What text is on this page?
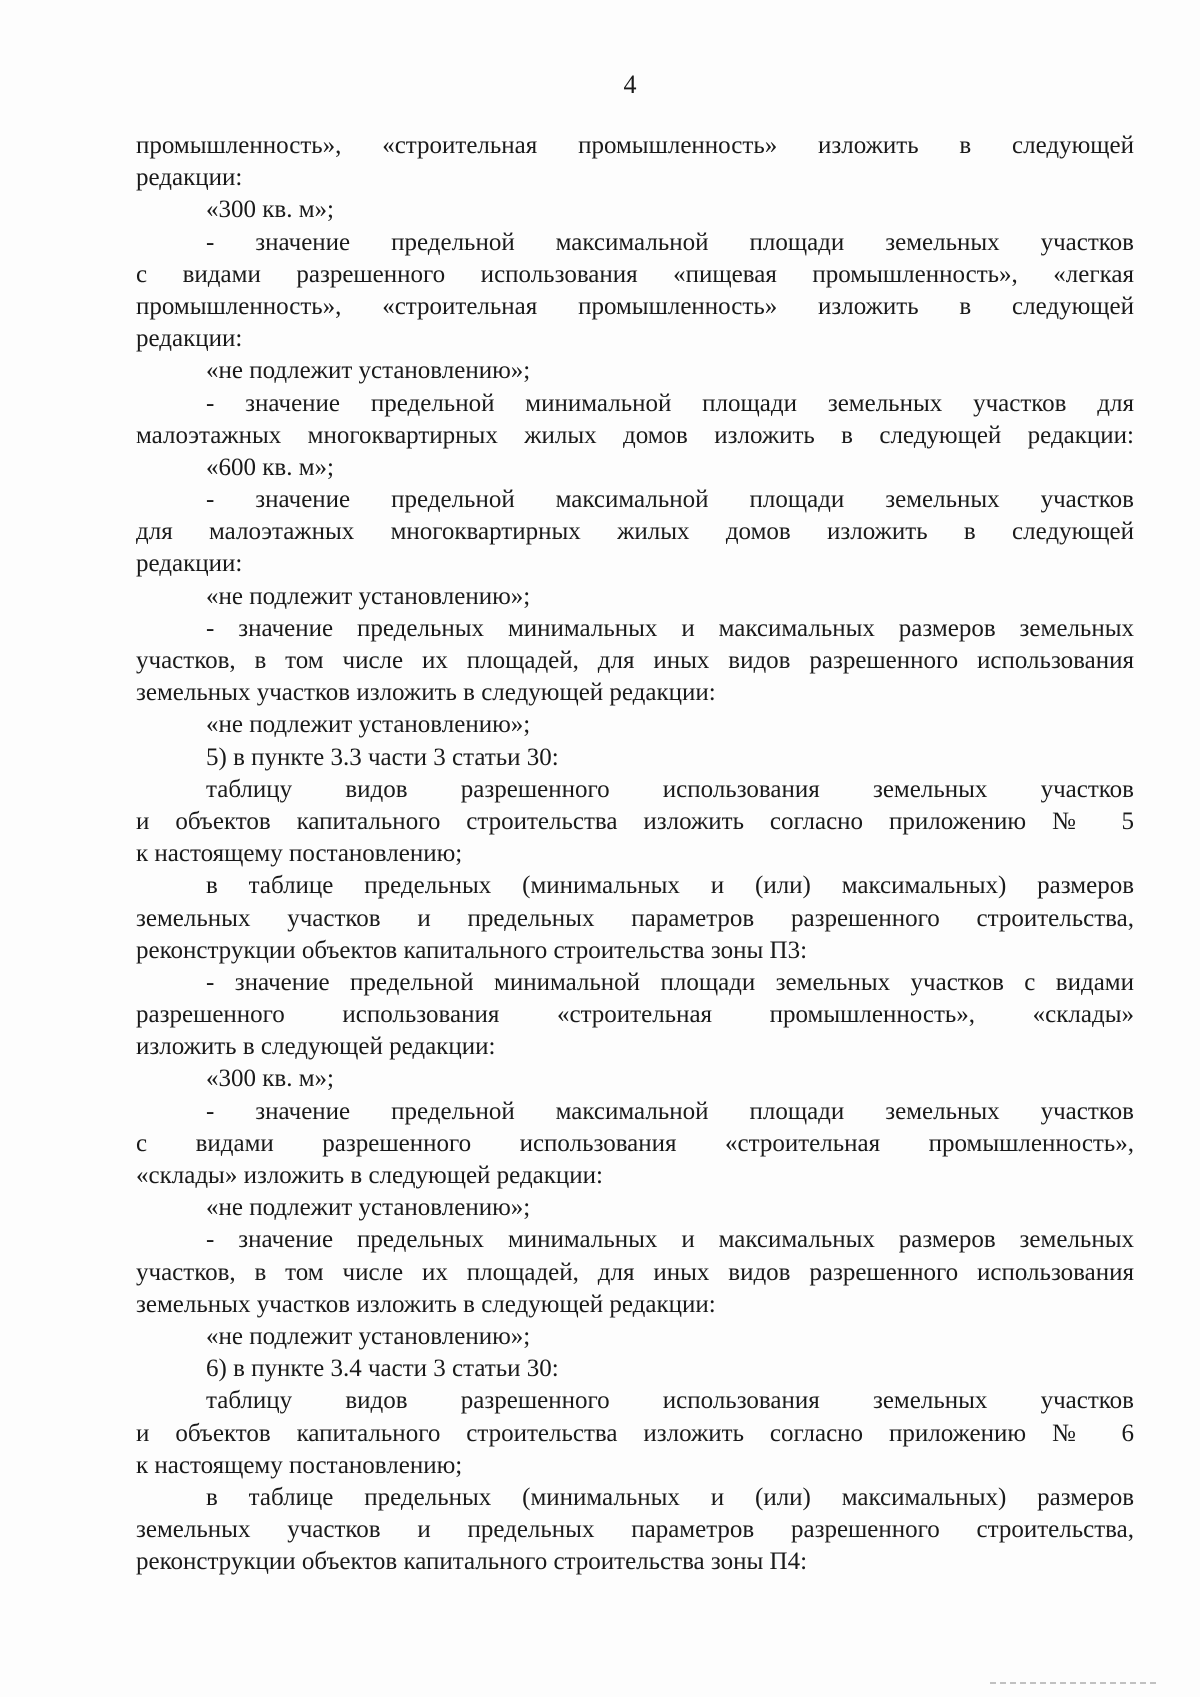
4
промышленность», «строительная промышленность» изложить в следующей
редакции:
«300 кв. м»;
- значение предельной максимальной площади земельных участков
с видами разрешенного использования «пищевая промышленность», «легкая
промышленность», «строительная промышленность» изложить в следующей
редакции:
«не подлежит установлению»;
- значение предельной минимальной площади земельных участков для
малоэтажных многоквартирных жилых домов изложить в следующей редакции:
«600 кв. м»;
- значение предельной максимальной площади земельных участков
для малоэтажных многоквартирных жилых домов изложить в следующей
редакции:
«не подлежит установлению»;
- значение предельных минимальных и максимальных размеров земельных
участков, в том числе их площадей, для иных видов разрешенного использования
земельных участков изложить в следующей редакции:
«не подлежит установлению»;
5) в пункте 3.3 части 3 статьи 30:
таблицу видов разрешенного использования земельных участков
и объектов капитального строительства изложить согласно приложению № 5
к настоящему постановлению;
в таблице предельных (минимальных и (или) максимальных) размеров
земельных участков и предельных параметров разрешенного строительства,
реконструкции объектов капитального строительства зоны П3:
- значение предельной минимальной площади земельных участков с видами
разрешенного использования «строительная промышленность», «склады»
изложить в следующей редакции:
«300 кв. м»;
- значение предельной максимальной площади земельных участков
с видами разрешенного использования «строительная промышленность»,
«склады» изложить в следующей редакции:
«не подлежит установлению»;
- значение предельных минимальных и максимальных размеров земельных
участков, в том числе их площадей, для иных видов разрешенного использования
земельных участков изложить в следующей редакции:
«не подлежит установлению»;
6) в пункте 3.4 части 3 статьи 30:
таблицу видов разрешенного использования земельных участков
и объектов капитального строительства изложить согласно приложению № 6
к настоящему постановлению;
в таблице предельных (минимальных и (или) максимальных) размеров
земельных участков и предельных параметров разрешенного строительства,
реконструкции объектов капитального строительства зоны П4:
